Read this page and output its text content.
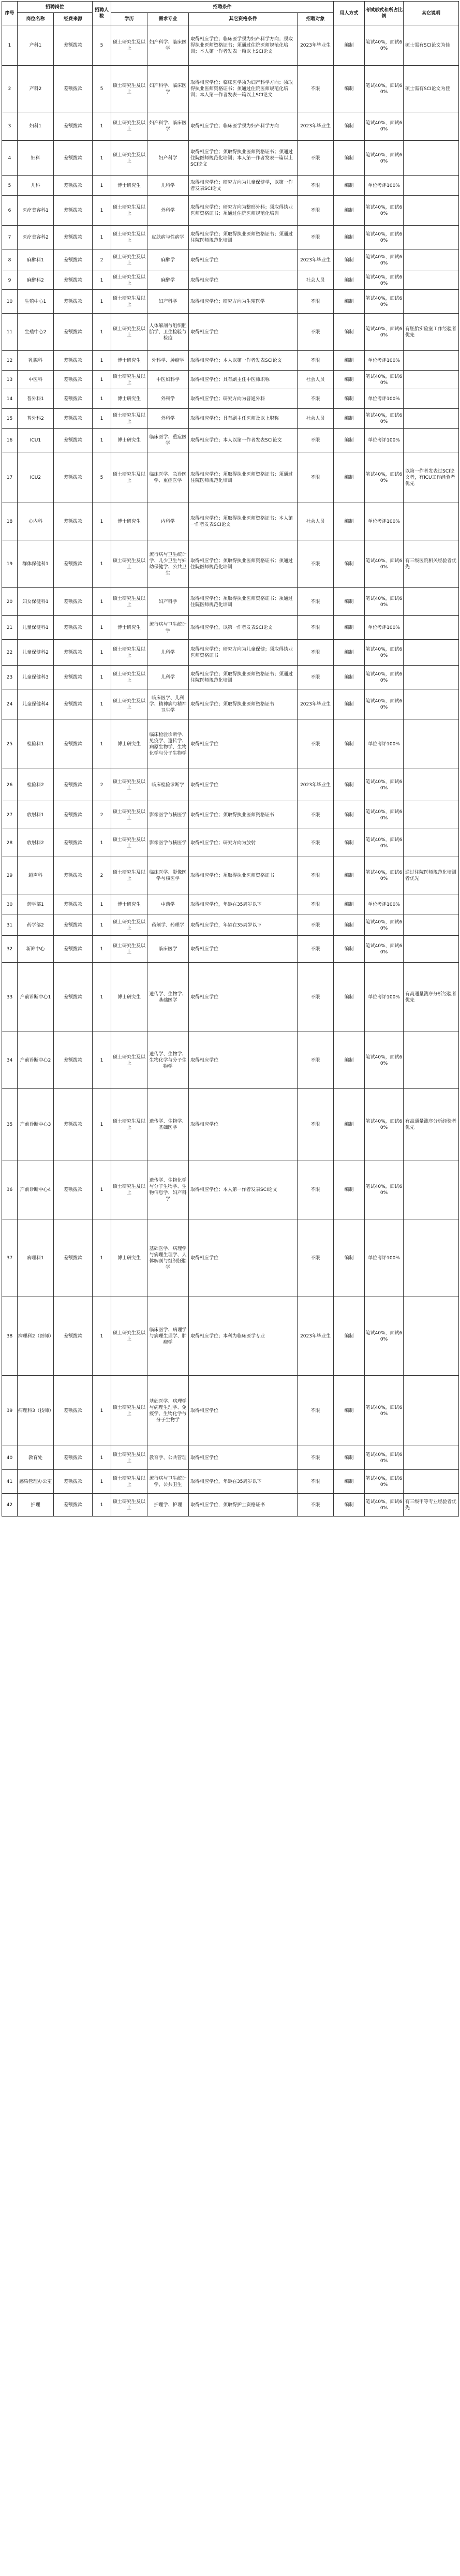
序号	招聘岗位		招聘人数	招聘条件				用人方式	考试形式和所占比例	其它说明
	岗位名称	经费来源		学历	需求专业	其它资格条件	招聘对象			
1	产科1	差额拨款	5	硕士研究生及以上	妇产科学、临床医学	取得相应学位；临床医学须为妇产科学方向；须取得执业医师资格证书；须通过住院医师规范化培训；本人第一作者发表一篇以上SCI论文	2023年毕业生	编制	笔试40%，面试60%	硕士需有SCI论文为佳
2	产科2	差额拨款	5	硕士研究生及以上	妇产科学、临床医学	取得相应学位；临床医学须为妇产科学方向；须取得执业医师资格证书；须通过住院医师规范化培训；本人第一作者发表一篇以上SCI论文	不限	编制	笔试40%，面试60%	硕士需有SCI论文为佳
3	妇科1	差额拨款	1	硕士研究生及以上	妇产科学、临床医学	取得相应学位；临床医学须为妇产科学方向	2023年毕业生	编制	笔试40%，面试60%	
4	妇科	差额拨款	1	硕士研究生及以上	妇产科学	取得相应学位；须取得执业医师资格证书；须通过住院医师规范化培训；本人第一作者发表一篇以上SCI论文	不限	编制	笔试40%，面试60%	
5	儿科	差额拨款	1	博士研究生	儿科学	取得相应学位；研究方向为儿童保健学，以第一作者发表SCI论文	不限	编制	单位考评100%	
6	医疗美容科1	差额拨款	1	硕士研究生及以上	外科学	取得相应学位；研究方向为整形外科；须取得执业医师资格证书；须通过住院医师规范化培训	不限	编制	笔试40%，面试60%	
7	医疗美容科2	差额拨款	1	硕士研究生及以上	皮肤病与性病学	取得相应学位；须取得执业医师资格证书；须通过住院医师规范化培训	不限	编制	笔试40%，面试60%	
8	麻醉科1	差额拨款	2	硕士研究生及以上	麻醉学	取得相应学位	2023年毕业生	编制	笔试40%，面试60%	
9	麻醉科2	差额拨款	1	硕士研究生及以上	麻醉学	取得相应学位	社会人员	编制	笔试40%，面试60%	
10	生殖中心1	差额拨款	1	硕士研究生及以上	妇产科学	取得相应学位；研究方向为生殖医学	不限	编制	笔试40%，面试60%	
11	生殖中心2	差额拨款	1	硕士研究生及以上	人体解剖与组织胚胎学、卫生检验与检疫	取得相应学位	不限	编制	笔试40%，面试60%	有胚胎实验室工作经验者优先
12	乳腺科	差额拨款	1	博士研究生	外科学、肿瘤学	取得相应学位；本人以第一作者发表SCI论文	不限	编制	单位考评100%	
13	中医科	差额拨款	1	硕士研究生及以上	中医妇科学	取得相应学位；具有副主任中医师职称	社会人员	编制	笔试40%，面试60%	
14	普外科1	差额拨款	1	博士研究生	外科学	取得相应学位；研究方向为普通外科	不限	编制	单位考评100%	
15	普外科2	差额拨款	1	硕士研究生及以上	外科学	取得相应学位；具有副主任医师及以上职称	社会人员	编制	笔试40%，面试60%	
16	ICU1	差额拨款	1	博士研究生	临床医学、重症医学	取得相应学位；本人以第一作者发表SCI论文	不限	编制	单位考评100%	
17	ICU2	差额拨款	5	硕士研究生及以上	临床医学、急诊医学、重症医学	取得相应学位；须取得执业医师资格证书；须通过住院医师规范化培训	不限	编制	笔试40%，面试60%	以第一作者发表过SCI论文者，有ICU工作经验者优先
18	心内科	差额拨款	1	博士研究生	内科学	取得相应学位；须取得执业医师资格证书；本人第一作者发表SCI论文	社会人员	编制	单位考评100%	
19	群体保健科1	差额拨款	1	硕士研究生及以上	流行病与卫生统计学、儿少卫生与妇幼保健学、公共卫生	取得相应学位；须取得执业医师资格证书；须通过住院医师规范化培训	不限	编制	笔试40%，面试60%	有三级医院相关经验者优先
20	妇女保健科1	差额拨款	1	硕士研究生及以上	妇产科学	取得相应学位；须取得执业医师资格证书；须通过住院医师规范化培训	不限	编制	笔试40%，面试60%	
21	儿童保健科1	差额拨款	1	博士研究生	流行病与卫生统计学	取得相应学位，以第一作者发表SCI论文	不限	编制	单位考评100%	
22	儿童保健科2	差额拨款	1	硕士研究生及以上	儿科学	取得相应学位；研究方向为儿童保健；须取得执业医师资格证书	不限	编制	笔试40%，面试60%	
23	儿童保健科3	差额拨款	1	硕士研究生及以上	儿科学	取得相应学位；须取得执业医师资格证书；须通过住院医师规范化培训	不限	编制	笔试40%，面试60%	
24	儿童保健科4	差额拨款	1	硕士研究生及以上	临床医学、儿科学、精神病与精神卫生学	取得相应学位；须取得执业医师资格证书	2023年毕业生	编制	笔试40%，面试60%	
25	检验科1	差额拨款	1	博士研究生	临床检验诊断学、免疫学、遗传学、病原生物学、生物化学与分子生物学	取得相应学位	不限	编制	单位考评100%	
26	检验科2	差额拨款	2	硕士研究生及以上	临床检验诊断学	取得相应学位	2023年毕业生	编制	笔试40%，面试60%	
27	放射科1	差额拨款	2	硕士研究生及以上	影像医学与核医学	取得相应学位；须取得执业医师资格证书	不限	编制	笔试40%，面试60%	
28	放射科2	差额拨款	1	硕士研究生及以上	影像医学与核医学	取得相应学位；研究方向为放射	不限	编制	笔试40%，面试60%	
29	超声科	差额拨款	2	硕士研究生及以上	临床医学、影像医学与核医学	取得相应学位；须取得执业医师资格证书	不限	编制	笔试40%，面试60%	通过住院医师规范化培训者优先
30	药学部1	差额拨款	1	博士研究生	中药学	取得相应学位，年龄在35周岁以下	不限	编制	单位考评100%	
31	药学部2	差额拨款	1	硕士研究生及以上	药剂学、药理学	取得相应学位，年龄在35周岁以下	不限	编制	笔试40%，面试60%	
32	新筛中心	差额拨款	1	硕士研究生及以上	临床医学	取得相应学位	不限	编制	笔试40%，面试60%	
33	产前诊断中心1	差额拨款	1	博士研究生	遗传学、生物学、基础医学	取得相应学位	不限	编制	单位考评100%	有高通量测序分析经验者优先
34	产前诊断中心2	差额拨款	1	硕士研究生及以上	遗传学、生物学、生物化学与分子生物学	取得相应学位	不限	编制	笔试40%，面试60%	
35	产前诊断中心3	差额拨款	1	硕士研究生及以上	遗传学、生物学、基础医学	取得相应学位	不限	编制	笔试40%，面试60%	有高通量测序分析经验者优先
36	产前诊断中心4	差额拨款	1	硕士研究生及以上	遗传学、生物化学与分子生物学、生物信息学、妇产科学	取得相应学位；本人第一作者发表SCI论文	不限	编制	笔试40%，面试60%	
37	病理科1	差额拨款	1	博士研究生	基础医学、病理学与病理生理学、人体解剖与组织胚胎学	取得相应学位	不限	编制	单位考评100%	
38	病理科2（医师）	差额拨款	1	硕士研究生及以上	临床医学、病理学与病理生理学、肿瘤学	取得相应学位；本科为临床医学专业	2023年毕业生	编制	笔试40%，面试60%	
39	病理科3（技师）	差额拨款	1	硕士研究生及以上	基础医学、病理学与病理生理学、免疫学、生物化学与分子生物学	取得相应学位	不限	编制	笔试40%，面试60%	
40	教育处	差额拨款	1	硕士研究生及以上	教育学、公共管理	取得相应学位	不限	编制	笔试40%，面试60%	
41	感染管理办公室	差额拨款	1	硕士研究生及以上	流行病与卫生统计学、公共卫生	取得相应学位，年龄在35周岁以下	不限	编制	笔试40%，面试60%	
42	护理	差额拨款	1	硕士研究生及以上	护理学、护理	取得相应学位，须取得护士资格证书	不限	编制	笔试40%，面试60%	有三级甲等专业经验者优先
